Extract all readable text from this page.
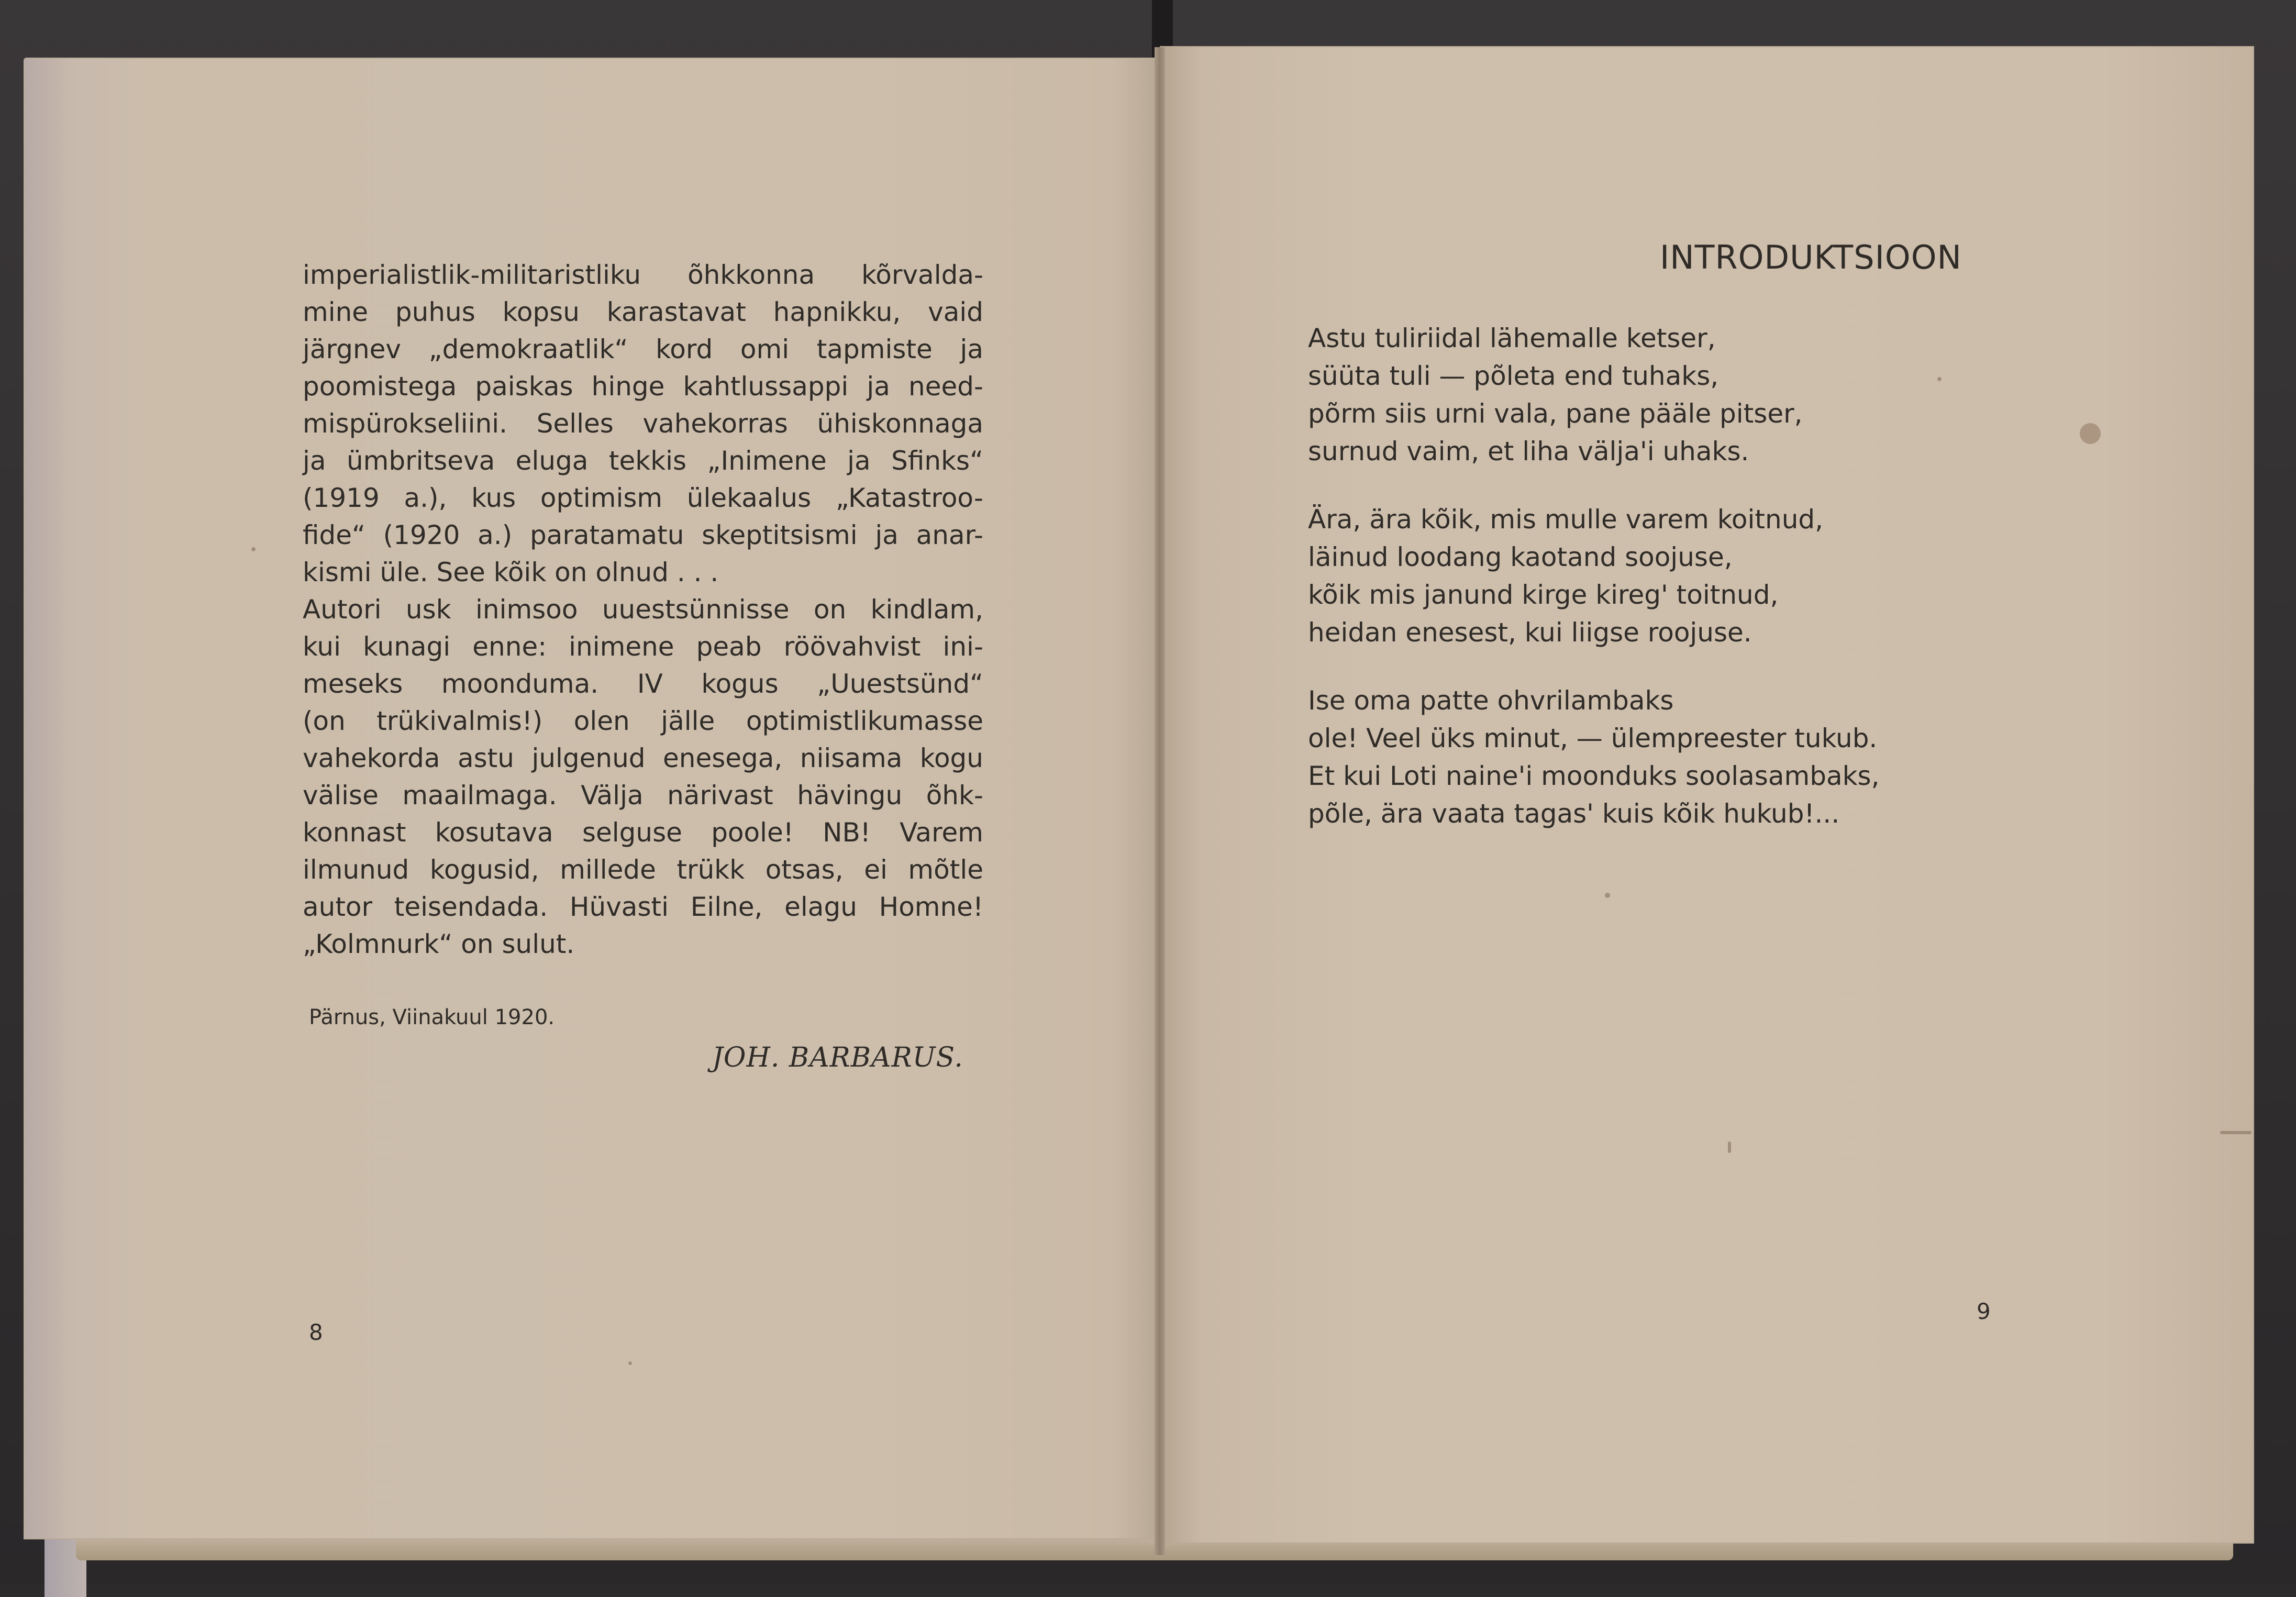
imperialistlik-militaristliku õhkkonna kõrvalda-
mine puhus kopsu karastavat hapnikku, vaid
järgnev „demokraatlik“ kord omi tapmiste ja
poomistega paiskas hinge kahtlussappi ja need-
mispürokseliini. Selles vahekorras ühiskonnaga
ja ümbritseva eluga tekkis „Inimene ja Sfinks“
(1919 a.), kus optimism ülekaalus „Katastroo-
fide“ (1920 a.) paratamatu skeptitsismi ja anar-
kismi üle. See kõik on olnud . . .
Autori usk inimsoo uuestsünnisse on kindlam,
kui kunagi enne: inimene peab röövahvist ini-
meseks moonduma. IV kogus „Uuestsünd“
(on trükivalmis!) olen jälle optimistlikumasse
vahekorda astu julgenud enesega, niisama kogu
välise maailmaga. Välja närivast hävingu õhk-
konnast kosutava selguse poole! NB! Varem
ilmunud kogusid, millede trükk otsas, ei mõtle
autor teisendada. Hüvasti Eilne, elagu Homne!
„Kolmnurk“ on sulut.
Pärnus, Viinakuul 1920.
JOH. BARBARUS.
8
INTRODUKTSIOON
Astu tuliriidal lähemalle ketser,
süüta tuli — põleta end tuhaks,
põrm siis urni vala, pane pääle pitser,
surnud vaim, et liha välja'i uhaks.
Ära, ära kõik, mis mulle varem koitnud,
läinud loodang kaotand soojuse,
kõik mis janund kirge kireg' toitnud,
heidan enesest, kui liigse roojuse.
Ise oma patte ohvrilambaks
ole! Veel üks minut, — ülempreester tukub.
Et kui Loti naine'i moonduks soolasambaks,
põle, ära vaata tagas' kuis kõik hukub!...
9
